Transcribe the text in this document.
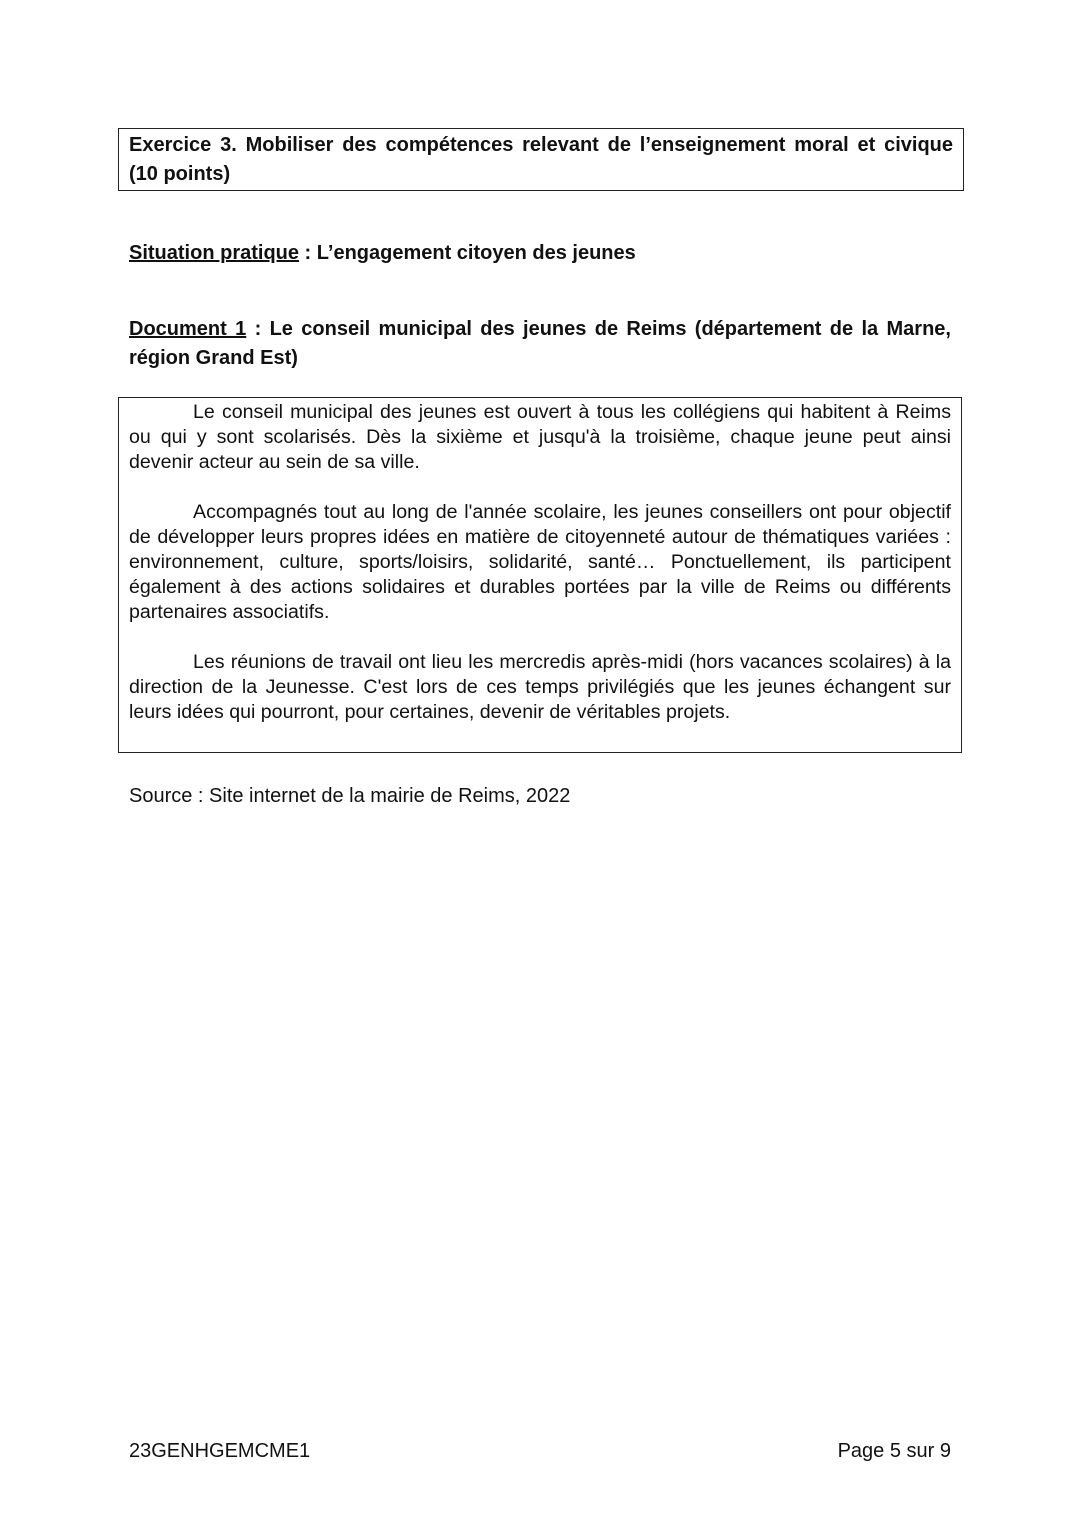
Exercice 3. Mobiliser des compétences relevant de l’enseignement moral et civique (10 points)
Situation pratique : L’engagement citoyen des jeunes
Document 1 : Le conseil municipal des jeunes de Reims (département de la Marne, région Grand Est)

Le conseil municipal des jeunes est ouvert à tous les collégiens qui habitent à Reims ou qui y sont scolarisés. Dès la sixième et jusqu'à la troisième, chaque jeune peut ainsi devenir acteur au sein de sa ville.

Accompagnés tout au long de l'année scolaire, les jeunes conseillers ont pour objectif de développer leurs propres idées en matière de citoyenneté autour de thématiques variées : environnement, culture, sports/loisirs, solidarité, santé… Ponctuellement, ils participent également à des actions solidaires et durables portées par la ville de Reims ou différents partenaires associatifs.

Les réunions de travail ont lieu les mercredis après-midi (hors vacances scolaires) à la direction de la Jeunesse. C'est lors de ces temps privilégiés que les jeunes échangent sur leurs idées qui pourront, pour certaines, devenir de véritables projets.

Source : Site internet de la mairie de Reims, 2022
23GENHGEMCME1	Page 5 sur 9
